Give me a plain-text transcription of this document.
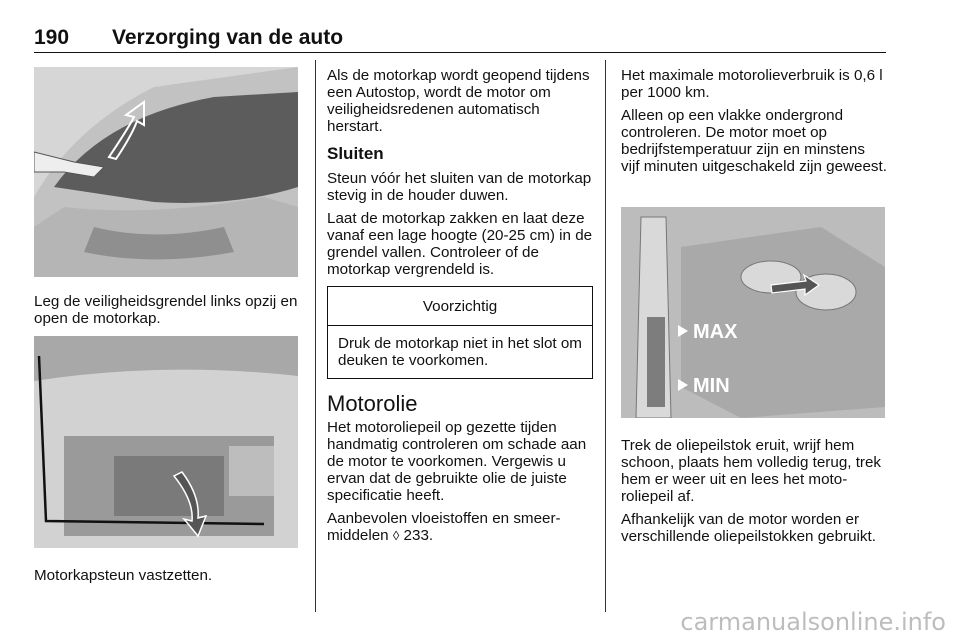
190 Verzorging van de auto

Leg de veiligheidsgrendel links opzij en open de motorkap.

Motorkapsteun vastzetten.

Als de motorkap wordt geopend tijdens een Autostop, wordt de motor om veiligheidsredenen automatisch herstart.

Sluiten

Steun vóór het sluiten van de motorkap stevig in de houder duwen.

Laat de motorkap zakken en laat deze vanaf een lage hoogte (20-25 cm) in de grendel vallen. Controleer of de motorkap vergrendeld is.

Voorzichtig
Druk de motorkap niet in het slot om deuken te voorkomen.
Motorolie

Het motoroliepeil op gezette tijden handmatig controleren om schade aan de motor te voorkomen. Vergewis u ervan dat de gebruikte olie de juiste specificatie heeft.

Aanbevolen vloeistoffen en smeermiddelen ◊ 233.

Het maximale motorolieverbruik is 0,6 l per 1000 km.

Alleen op een vlakke ondergrond controleren. De motor moet op bedrijfstemperatuur zijn en minstens vijf minuten uitgeschakeld zijn geweest.

MAX
MIN

Trek de oliepeilstok eruit, wrijf hem schoon, plaats hem volledig terug, trek hem er weer uit en lees het motoroliepeil af.

Afhankelijk van de motor worden er verschillende oliepeilstokken gebruikt.

carmanualsonline.info
